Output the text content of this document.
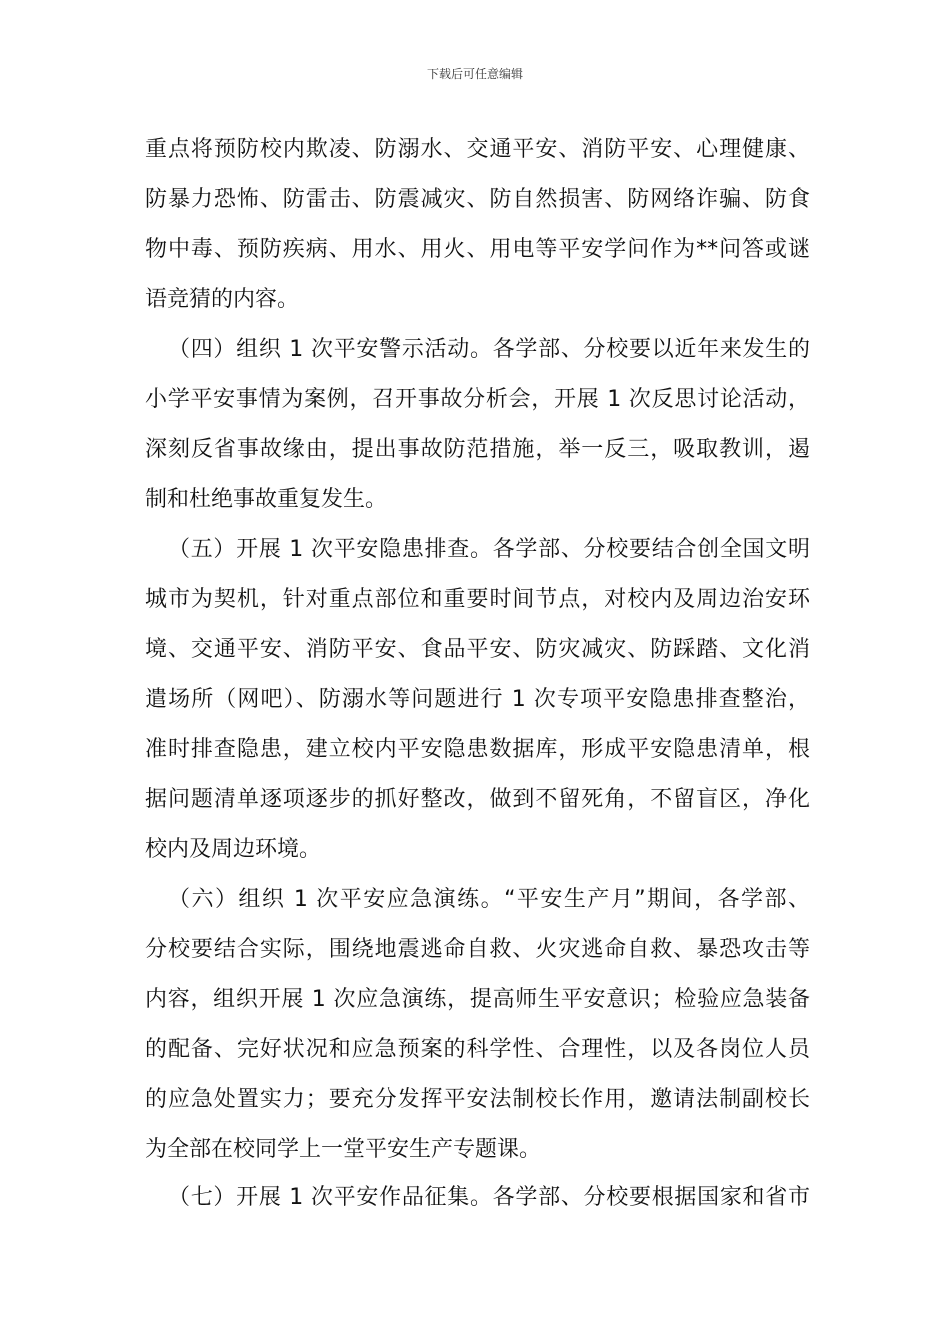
下载后可任意编辑
重点将预防校内欺凌、防溺水、交通平安、消防平安、心理健康、
防暴力恐怖、防雷击、防震减灾、防自然损害、防网络诈骗、防食
物中毒、预防疾病、用水、用火、用电等平安学问作为**问答或谜
语竞猜的内容。
（四）组织 1 次平安警示活动。各学部、分校要以近年来发生的
小学平安事情为案例，召开事故分析会，开展 1 次反思讨论活动，
深刻反省事故缘由，提出事故防范措施，举一反三，吸取教训，遏
制和杜绝事故重复发生。
（五）开展 1 次平安隐患排查。各学部、分校要结合创全国文明
城市为契机，针对重点部位和重要时间节点，对校内及周边治安环
境、交通平安、消防平安、食品平安、防灾减灾、防踩踏、文化消
遣场所（网吧）、防溺水等问题进行 1 次专项平安隐患排查整治，
准时排查隐患，建立校内平安隐患数据库，形成平安隐患清单，根
据问题清单逐项逐步的抓好整改，做到不留死角，不留盲区，净化
校内及周边环境。
（六）组织 1 次平安应急演练。“平安生产月”期间，各学部、
分校要结合实际，围绕地震逃命自救、火灾逃命自救、暴恐攻击等
内容，组织开展 1 次应急演练，提高师生平安意识；检验应急装备
的配备、完好状况和应急预案的科学性、合理性，以及各岗位人员
的应急处置实力；要充分发挥平安法制校长作用，邀请法制副校长
为全部在校同学上一堂平安生产专题课。
（七）开展 1 次平安作品征集。各学部、分校要根据国家和省市
